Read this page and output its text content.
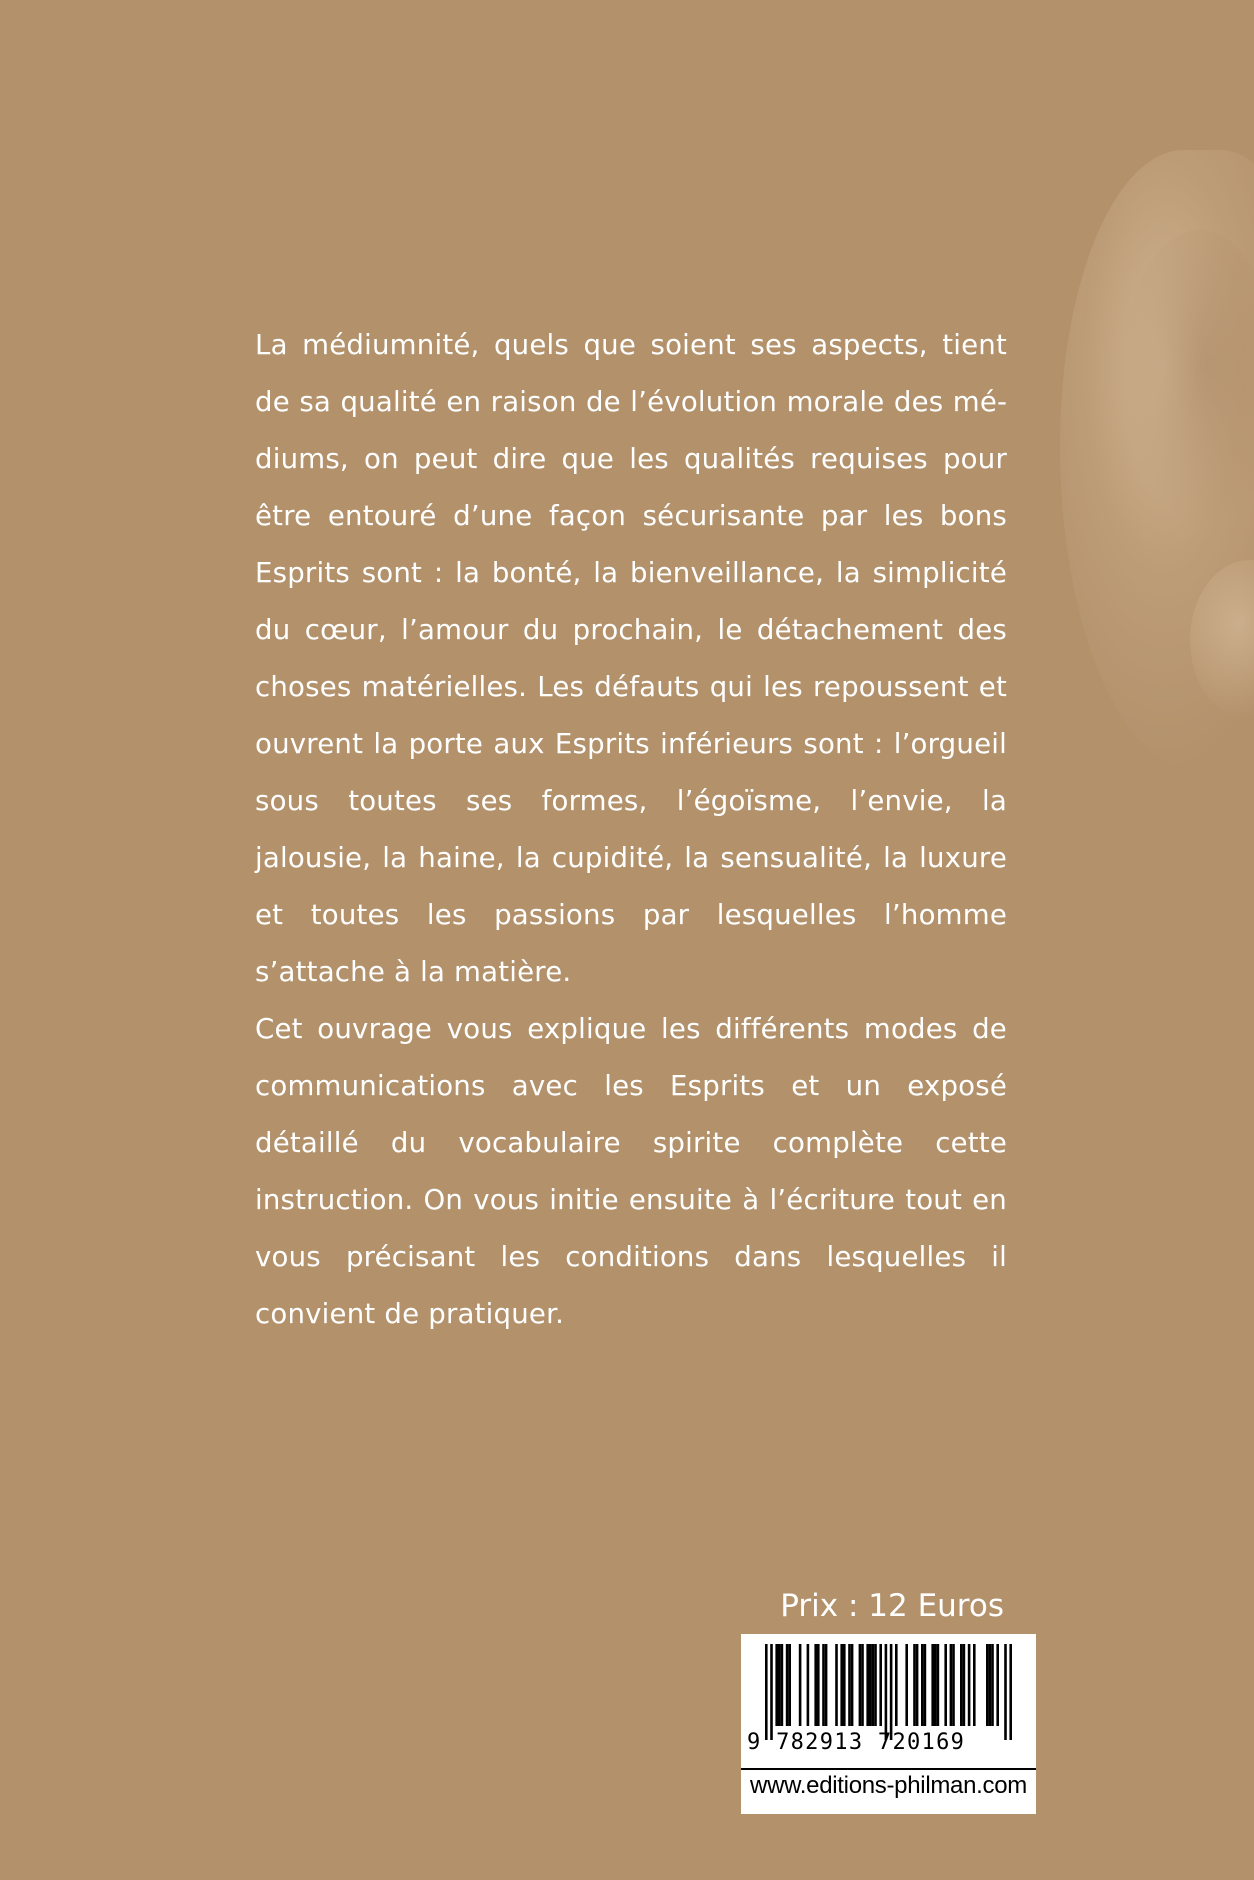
La médiumnité, quels que soient ses aspects, tient de sa qualité en raison de l’évolution morale des médiums, on peut dire que les qualités requises pour être entouré d’une façon sécurisante par les bons Esprits sont : la bonté, la bienveillance, la simplicité du cœur, l’amour du prochain, le détachement des choses matérielles. Les défauts qui les repoussent et ouvrent la porte aux Esprits inférieurs sont : l’orgueil sous toutes ses formes, l’égoïsme, l’envie, la jalousie, la haine, la cupidité, la sensualité, la luxure et toutes les passions par lesquelles l’homme s’attache à la matière.

Cet ouvrage vous explique les différents modes de communications avec les Esprits et un exposé détaillé du vocabulaire spirite complète cette instruction. On vous initie ensuite à l’écriture tout en vous précisant les conditions dans lesquelles il convient de pratiquer.

Prix : 12 Euros
9 782913 720169
www.editions-philman.com
